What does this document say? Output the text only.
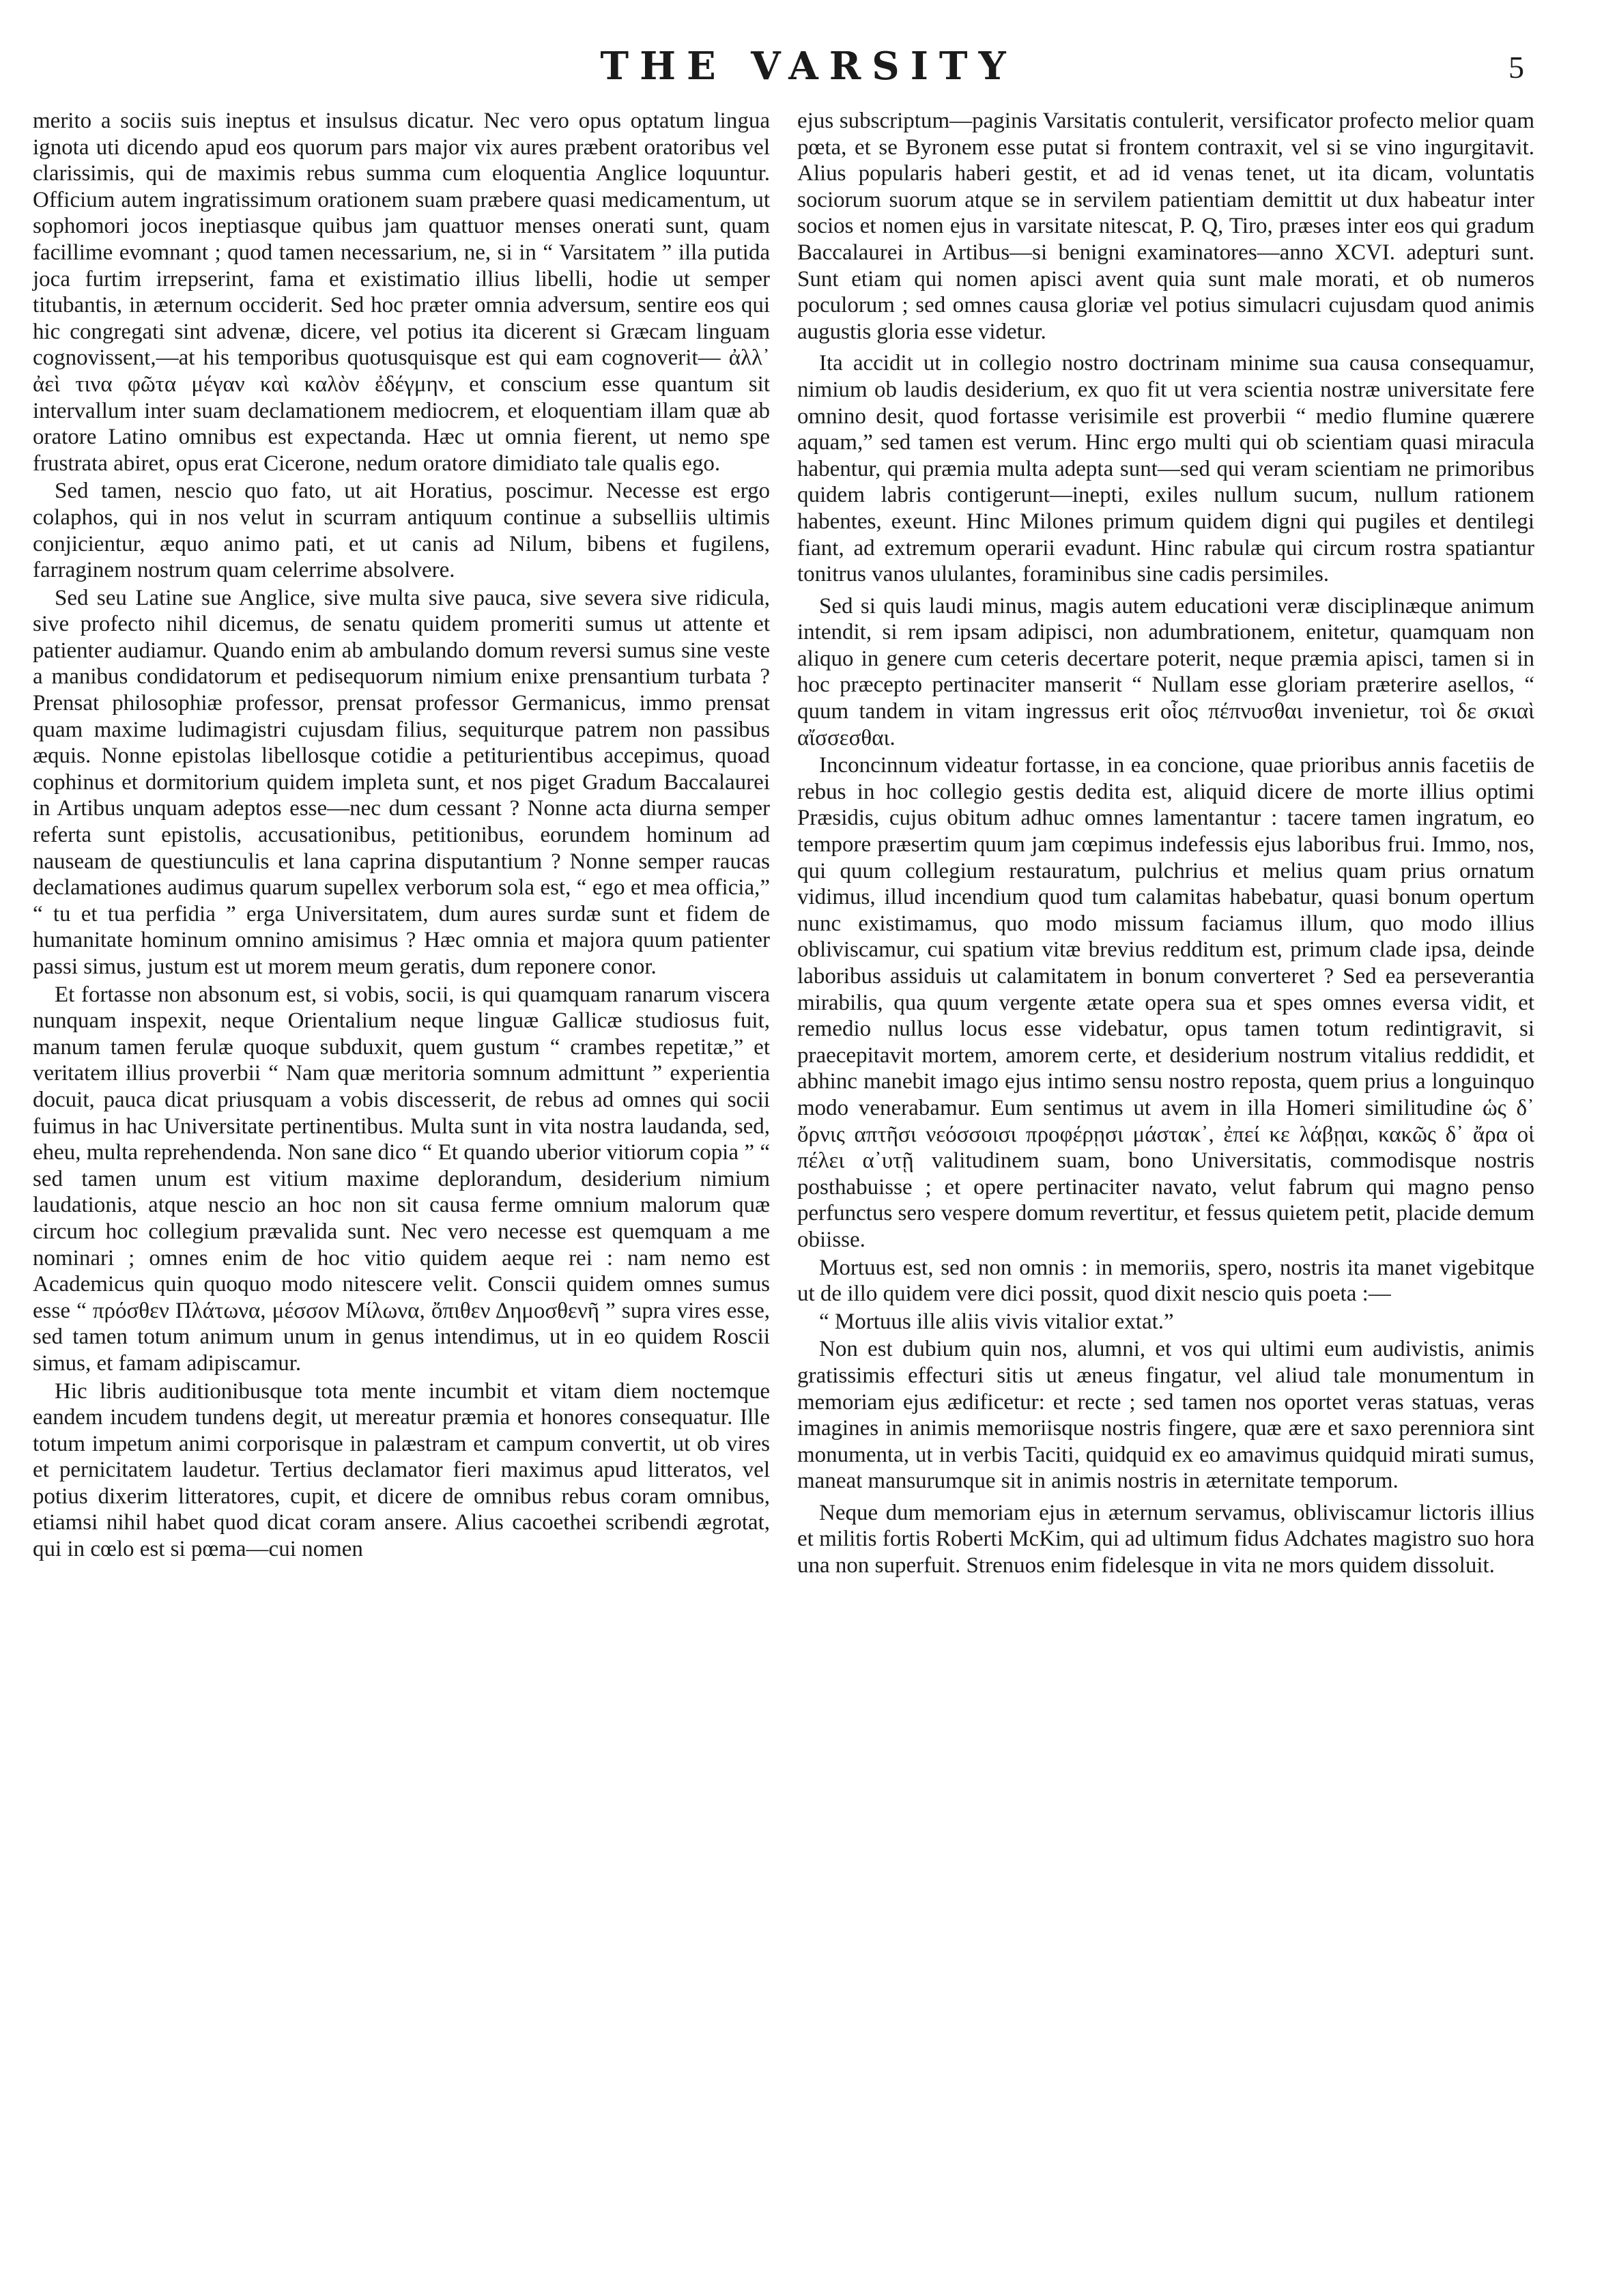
THE VARSITY	5

merito a sociis suis ineptus et insulsus dicatur. Nec vero opus optatum lingua ignota uti dicendo apud eos quorum pars major vix aures præbent oratoribus vel clarissimis, qui de maximis rebus summa cum eloquentia Anglice loquuntur. Officium autem ingratissimum orationem suam præbere quasi medicamentum, ut sophomori jocos ineptiasque quibus jam quattuor menses onerati sunt, quam facillime evomnant ; quod tamen necessarium, ne, si in “ Varsitatem ” illa putida joca furtim irrepserint, fama et existimatio illius libelli, hodie ut semper titubantis, in æternum occiderit. Sed hoc præter omnia adversum, sentire eos qui hic congregati sint advenæ, dicere, vel potius ita dicerent si Græcam linguam cognovissent,—at his temporibus quotusquisque est qui eam cognoverit— ἀλλ᾽ ἀεὶ τινα φῶτα μέγαν καὶ καλὸν ἐδέγμην, et conscium esse quantum sit intervallum inter suam declamationem mediocrem, et eloquentiam illam quæ ab oratore Latino omnibus est expectanda. Hæc ut omnia fierent, ut nemo spe frustrata abiret, opus erat Cicerone, nedum oratore dimidiato tale qualis ego.

Sed tamen, nescio quo fato, ut ait Horatius, poscimur. Necesse est ergo colaphos, qui in nos velut in scurram antiquum continue a subselliis ultimis conjicientur, æquo animo pati, et ut canis ad Nilum, bibens et fugilens, farraginem nostrum quam celerrime absolvere.

Sed seu Latine sue Anglice, sive multa sive pauca, sive severa sive ridicula, sive profecto nihil dicemus, de senatu quidem promeriti sumus ut attente et patienter audiamur. Quando enim ab ambulando domum reversi sumus sine veste a manibus condidatorum et pedisequorum nimium enixe prensantium turbata ? Prensat philosophiæ professor, prensat professor Germanicus, immo prensat quam maxime ludimagistri cujusdam filius, sequiturque patrem non passibus æquis. Nonne epistolas libellosque cotidie a petiturientibus accepimus, quoad cophinus et dormitorium quidem impleta sunt, et nos piget Gradum Baccalaurei in Artibus unquam adeptos esse—nec dum cessant ? Nonne acta diurna semper referta sunt epistolis, accusationibus, petitionibus, eorundem hominum ad nauseam de questiunculis et lana caprina disputantium ? Nonne semper raucas declamationes audimus quarum supellex verborum sola est, “ ego et mea officia,” “ tu et tua perfidia ” erga Universitatem, dum aures surdæ sunt et fidem de humanitate hominum omnino amisimus ? Hæc omnia et majora quum patienter passi simus, justum est ut morem meum geratis, dum reponere conor.

Et fortasse non absonum est, si vobis, socii, is qui quamquam ranarum viscera nunquam inspexit, neque Orientalium neque linguæ Gallicæ studiosus fuit, manum tamen ferulæ quoque subduxit, quem gustum “ crambes repetitæ,” et veritatem illius proverbii “ Nam quæ meritoria somnum admittunt ” experientia docuit, pauca dicat priusquam a vobis discesserit, de rebus ad omnes qui socii fuimus in hac Universitate pertinentibus. Multa sunt in vita nostra laudanda, sed, eheu, multa reprehendenda. Non sane dico “ Et quando uberior vitiorum copia ” “ sed tamen unum est vitium maxime deplorandum, desiderium nimium laudationis, atque nescio an hoc non sit causa ferme omnium malorum quæ circum hoc collegium prævalida sunt. Nec vero necesse est quemquam a me nominari ; omnes enim de hoc vitio quidem aeque rei : nam nemo est Academicus quin quoquo modo nitescere velit. Conscii quidem omnes sumus esse “ πρόσθεν Πλάτωνα, μέσσον Μίλωνα, ὄπιθεν Δημοσθενῆ ” supra vires esse, sed tamen totum animum unum in genus intendimus, ut in eo quidem Roscii simus, et famam adipiscamur.

Hic libris auditionibusque tota mente incumbit et vitam diem noctemque eandem incudem tundens degit, ut mereatur præmia et honores consequatur. Ille totum impetum animi corporisque in palæstram et campum convertit, ut ob vires et pernicitatem laudetur. Tertius declamator fieri maximus apud litteratos, vel potius dixerim litteratores, cupit, et dicere de omnibus rebus coram omnibus, etiamsi nihil habet quod dicat coram ansere. Alius cacoethei scribendi ægrotat, qui in cœlo est si pœma—cui nomen

ejus subscriptum—paginis Varsitatis contulerit, versificator profecto melior quam pœta, et se Byronem esse putat si frontem contraxit, vel si se vino ingurgitavit. Alius popularis haberi gestit, et ad id venas tenet, ut ita dicam, voluntatis sociorum suorum atque se in servilem patientiam demittit ut dux habeatur inter socios et nomen ejus in varsitate nitescat, P. Q, Tiro, præses inter eos qui gradum Baccalaurei in Artibus—si benigni examinatores—anno XCVI. adepturi sunt. Sunt etiam qui nomen apisci avent quia sunt male morati, et ob numeros poculorum ; sed omnes causa gloriæ vel potius simulacri cujusdam quod animis augustis gloria esse videtur.

Ita accidit ut in collegio nostro doctrinam minime sua causa consequamur, nimium ob laudis desiderium, ex quo fit ut vera scientia nostræ universitate fere omnino desit, quod fortasse verisimile est proverbii “ medio flumine quærere aquam,” sed tamen est verum. Hinc ergo multi qui ob scientiam quasi miracula habentur, qui præmia multa adepta sunt—sed qui veram scientiam ne primoribus quidem labris contigerunt—inepti, exiles nullum sucum, nullum rationem habentes, exeunt. Hinc Milones primum quidem digni qui pugiles et dentilegi fiant, ad extremum operarii evadunt. Hinc rabulæ qui circum rostra spatiantur tonitrus vanos ululantes, foraminibus sine cadis persimiles.

Sed si quis laudi minus, magis autem educationi veræ disciplinæque animum intendit, si rem ipsam adipisci, non adumbrationem, enitetur, quamquam non aliquo in genere cum ceteris decertare poterit, neque præmia apisci, tamen si in hoc præcepto pertinaciter manserit “ Nullam esse gloriam præterire asellos, “ quum tandem in vitam ingressus erit οἷος πέπνυσθαι invenietur, τοὶ δε σκιαὶ αἴσσεσθαι.

Inconcinnum videatur fortasse, in ea concione, quae prioribus annis facetiis de rebus in hoc collegio gestis dedita est, aliquid dicere de morte illius optimi Præsidis, cujus obitum adhuc omnes lamentantur : tacere tamen ingratum, eo tempore præsertim quum jam cœpimus indefessis ejus laboribus frui. Immo, nos, qui quum collegium restauratum, pulchrius et melius quam prius ornatum vidimus, illud incendium quod tum calamitas habebatur, quasi bonum opertum nunc existimamus, quo modo missum faciamus illum, quo modo illius obliviscamur, cui spatium vitæ brevius redditum est, primum clade ipsa, deinde laboribus assiduis ut calamitatem in bonum converteret ? Sed ea perseverantia mirabilis, qua quum vergente ætate opera sua et spes omnes eversa vidit, et remedio nullus locus esse videbatur, opus tamen totum redintigravit, si praecepitavit mortem, amorem certe, et desiderium nostrum vitalius reddidit, et abhinc manebit imago ejus intimo sensu nostro reposta, quem prius a longuinquo modo venerabamur. Eum sentimus ut avem in illa Homeri similitudine ὡς δ᾽ ὄρνις απτῆσι νεόσσοισι προφέρῃσι μάστακ᾽, ἐπεί κε λάβῃαι, κακῶς δ᾽ ἄρα οἱ πέλει α᾽υτῇ valitudinem suam, bono Universitatis, commodisque nostris posthabuisse ; et opere pertinaciter navato, velut fabrum qui magno penso perfunctus sero vespere domum revertitur, et fessus quietem petit, placide demum obiisse.

Mortuus est, sed non omnis : in memoriis, spero, nostris ita manet vigebitque ut de illo quidem vere dici possit, quod dixit nescio quis poeta :—

“ Mortuus ille aliis vivis vitalior extat.”

Non est dubium quin nos, alumni, et vos qui ultimi eum audivistis, animis gratissimis effecturi sitis ut æneus fingatur, vel aliud tale monumentum in memoriam ejus ædificetur: et recte ; sed tamen nos oportet veras statuas, veras imagines in animis memoriisque nostris fingere, quæ ære et saxo perenniora sint monumenta, ut in verbis Taciti, quidquid ex eo amavimus quidquid mirati sumus, maneat mansurumque sit in animis nostris in æternitate temporum.

Neque dum memoriam ejus in æternum servamus, obliviscamur lictoris illius et militis fortis Roberti McKim, qui ad ultimum fidus Adchates magistro suo hora una non superfuit. Strenuos enim fidelesque in vita ne mors quidem dissoluit.
